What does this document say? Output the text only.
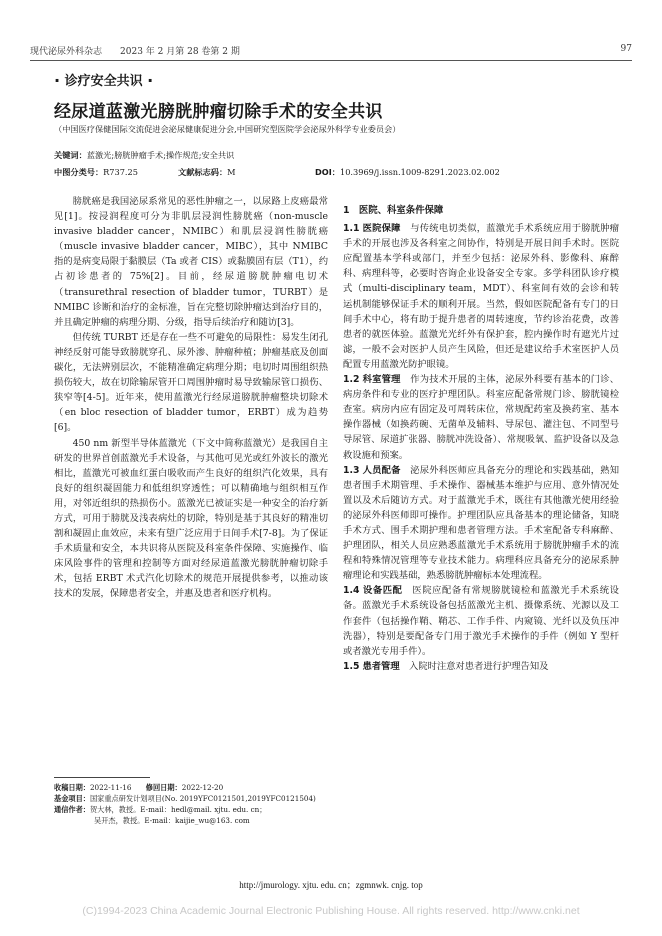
现代泌尿外科杂志　　 2023 年 2 月第 28 卷第 2 期	97
· 诊疗安全共识 ·
经尿道蓝激光膀胱肿瘤切除手术的安全共识
（中国医疗保健国际交流促进会泌尿健康促进分会,中国研究型医院学会泌尿外科学专业委员会）
关键词：蓝激光;膀胱肿瘤手术;操作规范;安全共识
中图分类号：R737.25	文献标志码：M	DOI：10.3969/j.issn.1009-8291.2023.02.002

膀胱癌是我国泌尿系常见的恶性肿瘤之一，以尿路上皮癌最常见[1]。按浸润程度可分为非肌层浸润性膀胱癌（non-muscle invasive bladder cancer，NMIBC）和肌层浸润性膀胱癌（muscle invasive bladder cancer，MIBC），其中 NMIBC 指的是病变局限于黏膜层（Ta 或者 CIS）或黏膜固有层（T1），约占初诊患者的 75%[2]。目前，经尿道膀胱肿瘤电切术（transurethral resection of bladder tumor，TURBT）是 NMIBC 诊断和治疗的金标准，旨在完整切除肿瘤达到治疗目的，并且确定肿瘤的病理分期、分级，指导后续治疗和随访[3]。

但传统 TURBT 还是存在一些不可避免的局限性：易发生闭孔神经反射可能导致膀胱穿孔、尿外渗、肿瘤种植；肿瘤基底及创面碳化，无法辨别层次，不能精准确定病理分期；电切时周围组织热损伤较大，故在切除输尿管开口周围肿瘤时易导致输尿管口损伤、狭窄等[4-5]。近年来，使用蓝激光行经尿道膀胱肿瘤整块切除术（en bloc resection of bladder tumor，ERBT）成为趋势[6]。

450 nm 新型半导体蓝激光（下文中简称蓝激光）是我国自主研发的世界首创蓝激光手术设备，与其他可见光或红外波长的激光相比，蓝激光可被血红蛋白吸收而产生良好的组织汽化效果，具有良好的组织凝固能力和低组织穿透性；可以精确地与组织相互作用，对邻近组织的热损伤小。蓝激光已被证实是一种安全的治疗新方式，可用于膀胱及浅表病灶的切除，特别是基于其良好的精准切割和凝固止血效应，未来有望广泛应用于日间手术[7-8]。为了保证手术质量和安全，本共识将从医院及科室条件保障、实施操作、临床风险事件的管理和控制等方面对经尿道蓝激光膀胱肿瘤切除手术，包括 ERBT 术式汽化切除术的规范开展提供参考，以推动该技术的发展，保障患者安全，并惠及患者和医疗机构。

1　医院、科室条件保障

1.1 医院保障　 与传统电切类似，蓝激光手术系统应用于膀胱肿瘤手术的开展也涉及各科室之间协作，特别是开展日间手术时。医院应配置基本学科或部门，并至少包括：泌尿外科、影像科、麻醉科、病理科等，必要时咨询企业设备安全专家。多学科团队诊疗模式（multi-disciplinary team，MDT）、科室间有效的会诊和转运机制能够保证手术的顺利开展。当然，假如医院配备有专门的日间手术中心，将有助于提升患者的周转速度，节约诊治花费，改善患者的就医体验。蓝激光光纤外有保护套，腔内操作时有遮光片过滤，一般不会对医护人员产生风险，但还是建议给手术室医护人员配置专用蓝激光防护眼镜。

1.2 科室管理　 作为技术开展的主体，泌尿外科要有基本的门诊、病房条件和专业的医疗护理团队。科室应配备常规门诊、膀胱镜检查室。病房内应有固定及可周转床位，常规配药室及换药室、基本操作器械（如换药碗、无菌单及辅料、导尿包、灌注包、不同型号导尿管、尿道扩张器、膀胱冲洗设备）、常规吸氧、监护设备以及急救设施和预案。

1.3 人员配备　 泌尿外科医师应具备充分的理论和实践基础，熟知患者围手术期管理、手术操作、器械基本维护与应用、意外情况处置以及术后随访方式。对于蓝激光手术，既往有其他激光使用经验的泌尿外科医师即可操作。护理团队应具备基本的理论储备，知晓手术方式、围手术期护理和患者管理方法。手术室配备专科麻醉、护理团队，相关人员应熟悉蓝激光手术系统用于膀胱肿瘤手术的流程和特殊情况管理等专业技术能力。病理科应具备充分的泌尿系肿瘤理论和实践基础，熟悉膀胱肿瘤标本处理流程。

1.4 设备匹配　 医院应配备有常规膀胱镜检和蓝激光手术系统设备。蓝激光手术系统设备包括蓝激光主机、摄像系统、光源以及工作套件（包括操作鞘、鞘芯、工作手件、内窥镜、光纤以及负压冲洗器），特别是要配备专门用于激光手术操作的手件（例如 Y 型杆或者激光专用手件）。

1.5 患者管理　 入院时注意对患者进行护理告知及

收稿日期：2022-11-16　　 修回日期：2022-12-20
基金项目：国家重点研发计划项目(No. 2019YFC0121501,2019YFC0121504)
通信作者：贺大林，教授。E-mail：hedl@mail. xjtu. edu. cn；
吴开杰，教授。E-mail：kaijie_wu@163. com
http://jmurology. xjtu. edu. cn；zgmnwk. cnjg. top
(C)1994-2023 China Academic Journal Electronic Publishing House. All rights reserved. http://www.cnki.net
